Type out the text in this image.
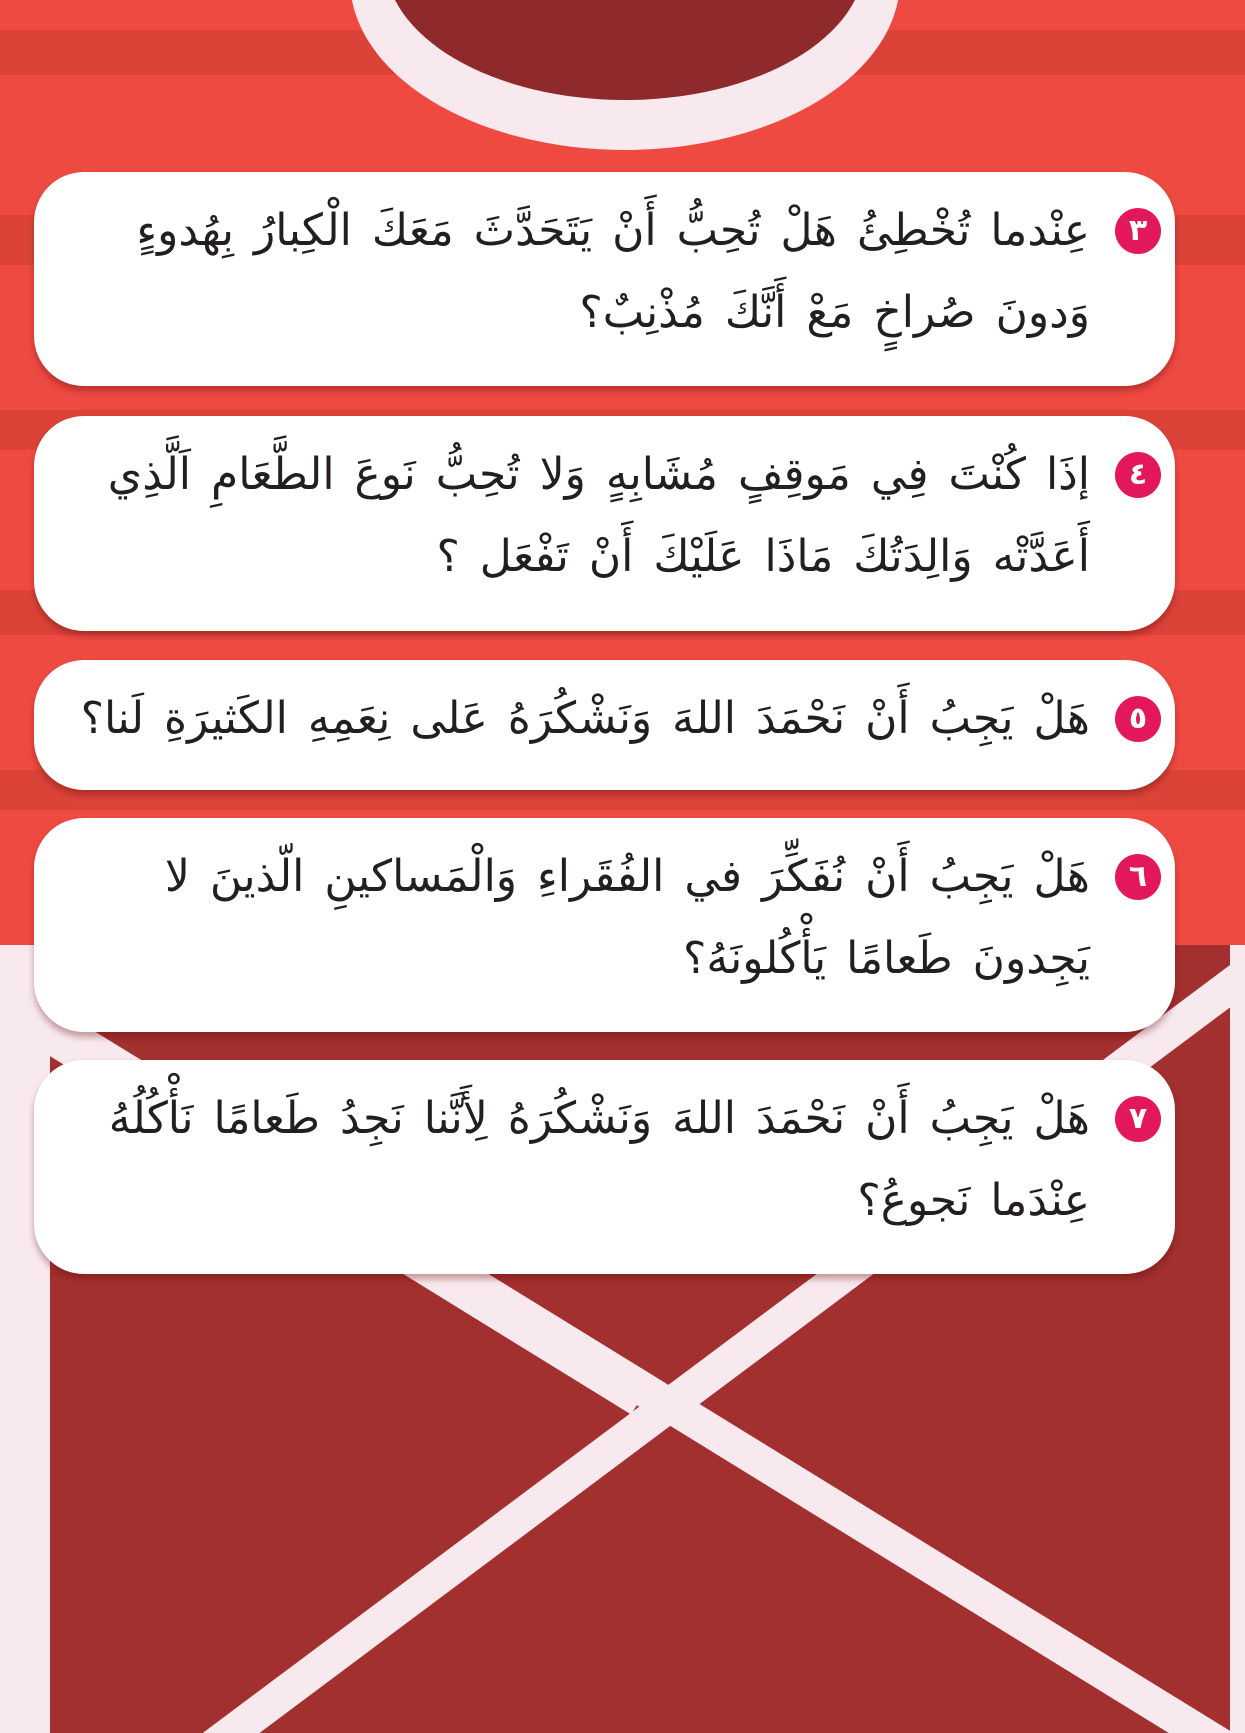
٣

عِنْدما تُخْطِئُ هَلْ تُحِبُّ أَنْ يَتَحَدَّثَ مَعَكَ الْكِبارُ بِهُدوءٍ وَدونَ صُراخٍ مَعْ أَنَّكَ مُذْنِبٌ؟

٤

إذَا كُنْتَ فِي مَوقِفٍ مُشَابِهٍ وَلا تُحِبُّ نَوعَ الطَّعَامِ اَلَّذِي أَعَدَّتْه وَالِدَتُكَ مَاذَا عَلَيْكَ أَنْ تَفْعَل ؟

٥

هَلْ يَجِبُ أَنْ نَحْمَدَ اللهَ وَنَشْكُرَهُ عَلى نِعَمِهِ الكَثيرَةِ لَنا؟

٦

هَلْ يَجِبُ أَنْ نُفَكِّرَ في الفُقَراءِ وَالْمَساكينِ الّذينَ لا يَجِدونَ طَعامًا يَأْكُلونَهُ؟

٧

هَلْ يَجِبُ أَنْ نَحْمَدَ اللهَ وَنَشْكُرَهُ لِأَنَّنا نَجِدُ طَعامًا نَأْكُلُهُ عِنْدَما نَجوعُ؟
